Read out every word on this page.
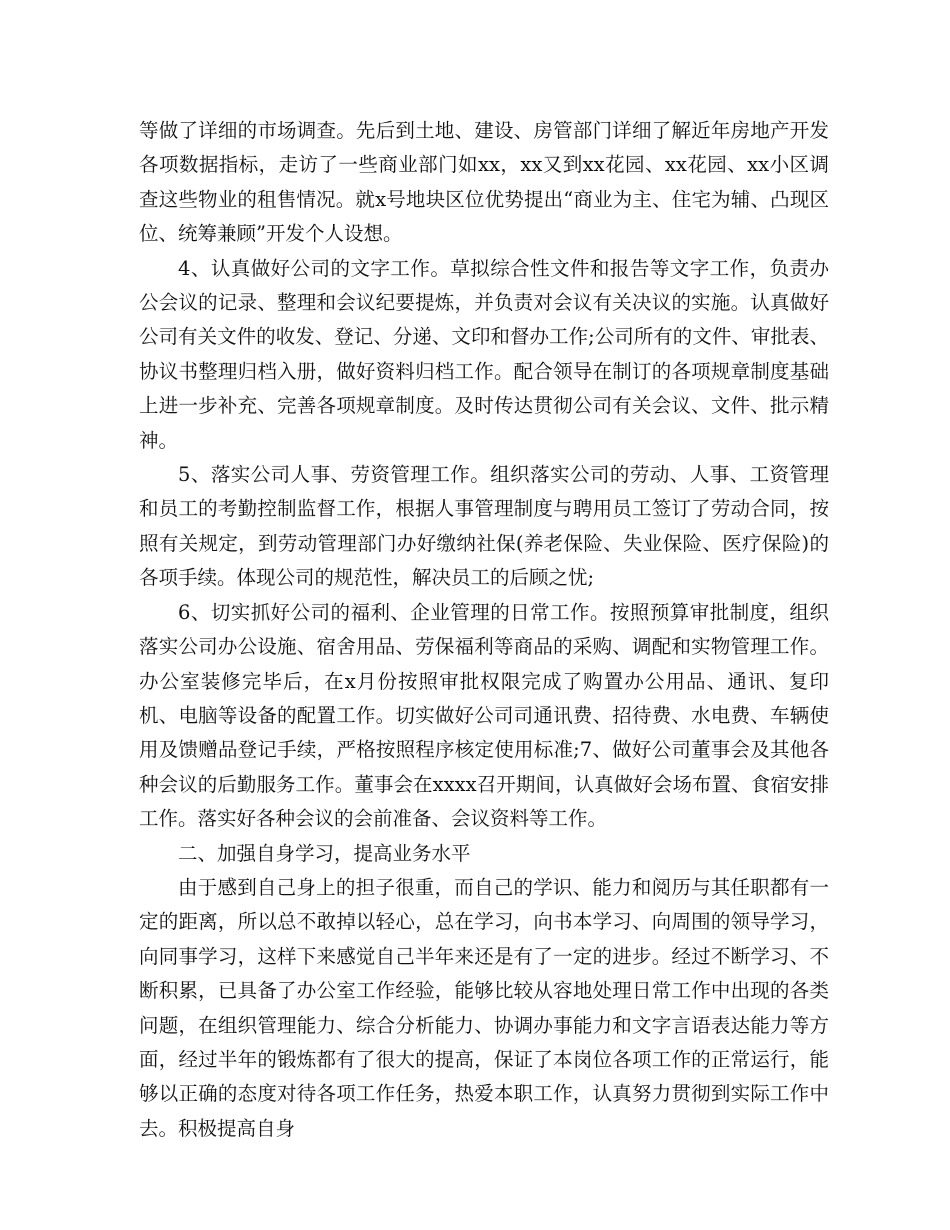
等做了详细的市场调查。先后到土地、建设、房管部门详细了解近年房地产开发各项数据指标，走访了一些商业部门如xx，xx又到xx花园、xx花园、xx小区调查这些物业的租售情况。就x号地块区位优势提出“商业为主、住宅为辅、凸现区位、统筹兼顾”开发个人设想。

4、认真做好公司的文字工作。草拟综合性文件和报告等文字工作，负责办公会议的记录、整理和会议纪要提炼，并负责对会议有关决议的实施。认真做好公司有关文件的收发、登记、分递、文印和督办工作;公司所有的文件、审批表、协议书整理归档入册，做好资料归档工作。配合领导在制订的各项规章制度基础上进一步补充、完善各项规章制度。及时传达贯彻公司有关会议、文件、批示精神。

5、落实公司人事、劳资管理工作。组织落实公司的劳动、人事、工资管理和员工的考勤控制监督工作，根据人事管理制度与聘用员工签订了劳动合同，按照有关规定，到劳动管理部门办好缴纳社保(养老保险、失业保险、医疗保险)的各项手续。体现公司的规范性，解决员工的后顾之忧;

6、切实抓好公司的福利、企业管理的日常工作。按照预算审批制度，组织落实公司办公设施、宿舍用品、劳保福利等商品的采购、调配和实物管理工作。办公室装修完毕后，在x月份按照审批权限完成了购置办公用品、通讯、复印机、电脑等设备的配置工作。切实做好公司司通讯费、招待费、水电费、车辆使用及馈赠品登记手续，严格按照程序核定使用标准;7、做好公司董事会及其他各种会议的后勤服务工作。董事会在xxxx召开期间，认真做好会场布置、食宿安排工作。落实好各种会议的会前准备、会议资料等工作。

二、加强自身学习，提高业务水平

由于感到自己身上的担子很重，而自己的学识、能力和阅历与其任职都有一定的距离，所以总不敢掉以轻心，总在学习，向书本学习、向周围的领导学习，向同事学习，这样下来感觉自己半年来还是有了一定的进步。经过不断学习、不断积累，已具备了办公室工作经验，能够比较从容地处理日常工作中出现的各类问题，在组织管理能力、综合分析能力、协调办事能力和文字言语表达能力等方面，经过半年的锻炼都有了很大的提高，保证了本岗位各项工作的正常运行，能够以正确的态度对待各项工作任务，热爱本职工作，认真努力贯彻到实际工作中去。积极提高自身
